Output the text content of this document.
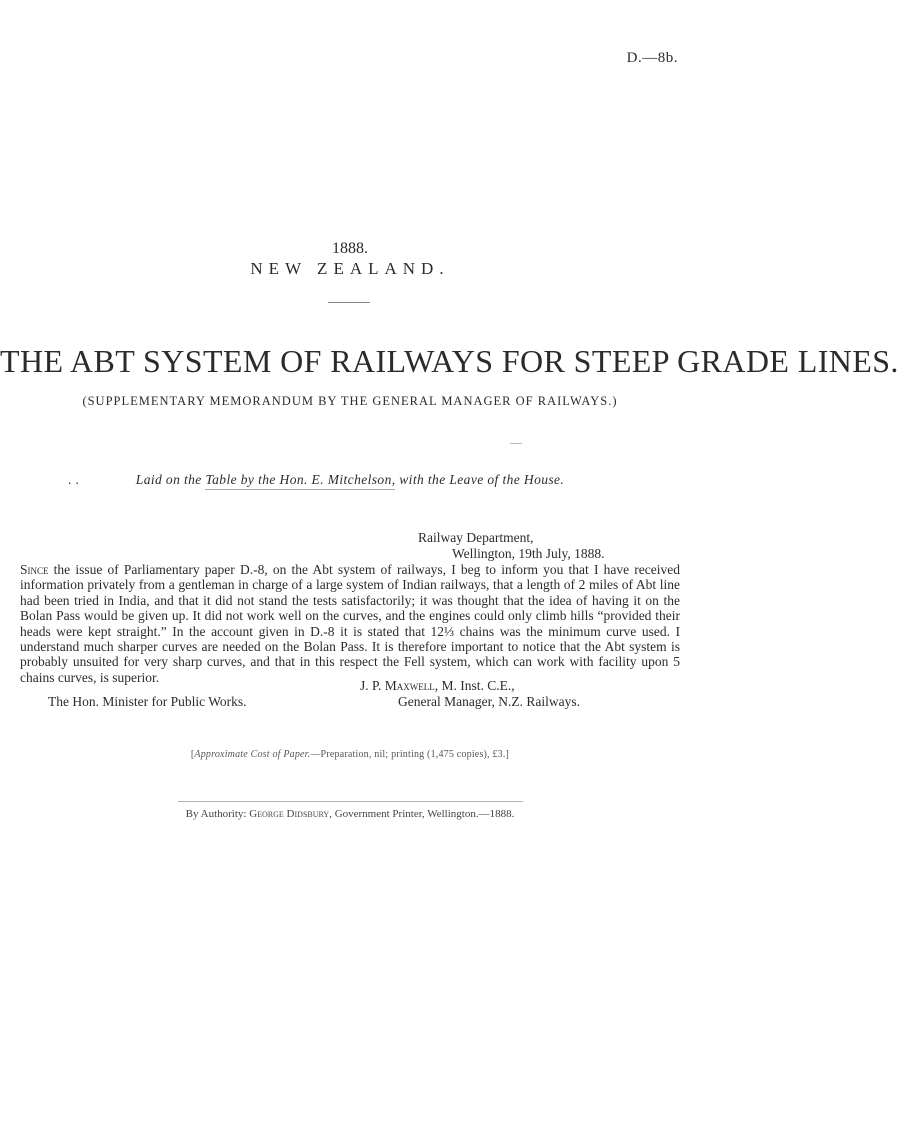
D.—8b.
1888.
NEW ZEALAND.
THE ABT SYSTEM OF RAILWAYS FOR STEEP GRADE LINES.
(SUPPLEMENTARY MEMORANDUM BY THE GENERAL MANAGER OF RAILWAYS.)
. .	Laid on the Table by the Hon. E. Mitchelson, with the Leave of the House.
Railway Department,
Wellington, 19th July, 1888.
Since the issue of Parliamentary paper D.-8, on the Abt system of railways, I beg to inform you that I have received information privately from a gentleman in charge of a large system of Indian railways, that a length of 2 miles of Abt line had been tried in India, and that it did not stand the tests satisfactorily; it was thought that the idea of having it on the Bolan Pass would be given up. It did not work well on the curves, and the engines could only climb hills “provided their heads were kept straight.” In the account given in D.-8 it is stated that 12⅓ chains was the minimum curve used. I understand much sharper curves are needed on the Bolan Pass. It is therefore important to notice that the Abt system is probably unsuited for very sharp curves, and that in this respect the Fell system, which can work with facility upon 5 chains curves, is superior.
J. P. Maxwell, M. Inst. C.E.,
The Hon. Minister for Public Works.	General Manager, N.Z. Railways.
[Approximate Cost of Paper.—Preparation, nil; printing (1,475 copies), £3.]
By Authority: George Didsbury, Government Printer, Wellington.—1888.
